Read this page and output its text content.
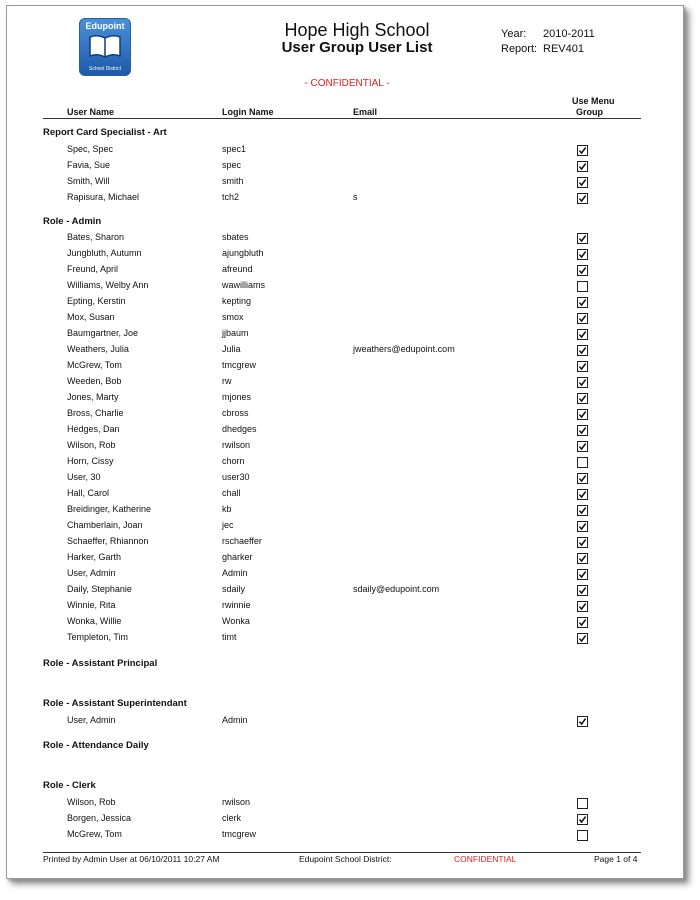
Edupoint
School District
Hope High School
User Group User List
Year: 2010-2011
Report: REV401
- CONFIDENTIAL -
User Name	Login Name	Email
Use Menu
Group
Report Card Specialist - Art
Spec, Spec	spec1
Favia, Sue	spec
Smith, Will	smith
Rapisura, Michael	tch2	s
Role - Admin
Bates, Sharon	sbates
Jungbluth, Autumn	ajungbluth
Freund, April	afreund
Williams, Welby Ann	wawilliams
Epting, Kerstin	kepting
Mox, Susan	smox
Baumgartner, Joe	jjbaum
Weathers, Julia	Julia	jweathers@edupoint.com
McGrew, Tom	tmcgrew
Weeden, Bob	rw
Jones, Marty	mjones
Bross, Charlie	cbross
Hedges, Dan	dhedges
Wilson, Rob	rwilson
Horn, Cissy	chorn
User, 30	user30
Hall, Carol	chall
Breidinger, Katherine	kb
Chamberlain, Joan	jec
Schaeffer, Rhiannon	rschaeffer
Harker, Garth	gharker
User, Admin	Admin
Daily, Stephanie	sdaily	sdaily@edupoint.com
Winnie, Rita	rwinnie
Wonka, Willie	Wonka
Templeton, Tim	timt
Role - Assistant Principal
Role - Assistant Superintendant
User, Admin	Admin
Role - Attendance Daily
Role - Clerk
Wilson, Rob	rwilson
Borgen, Jessica	clerk
McGrew, Tom	tmcgrew
Printed by Admin User at 06/10/2011 10:27 AM	Edupoint School District:	CONFIDENTIAL	Page 1 of 4
